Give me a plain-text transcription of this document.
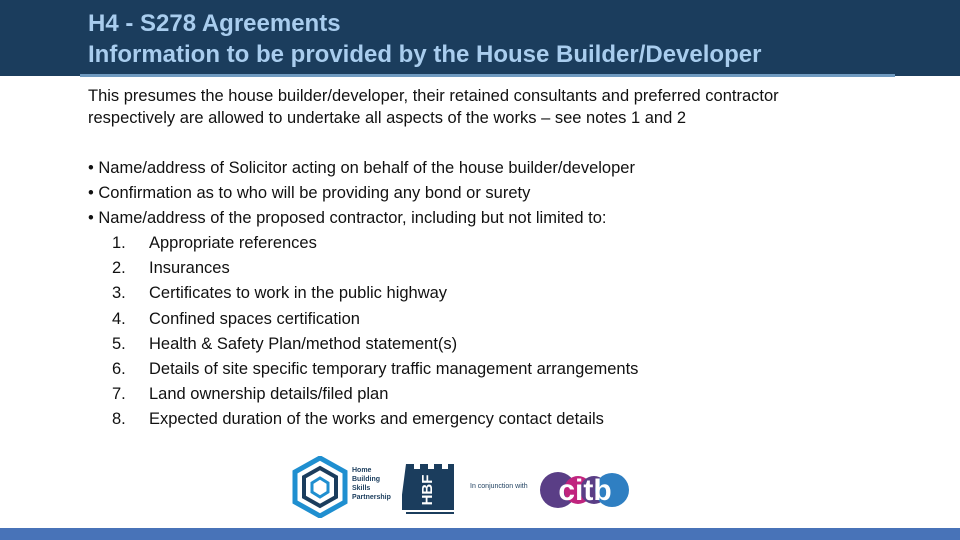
H4 - S278 Agreements
Information to be provided by the House Builder/Developer
This presumes the house builder/developer, their retained consultants and preferred contractor
respectively are allowed to undertake all aspects of the works – see notes 1 and 2
• Name/address of Solicitor acting on behalf of the house builder/developer
• Confirmation as to who will be providing any bond or surety
• Name/address of the proposed contractor, including but not limited to:
1.	Appropriate references
2.	Insurances
3.	Certificates to work in the public highway
4.	Confined spaces certification
5.	Health & Safety Plan/method statement(s)
6.	Details of site specific temporary traffic management arrangements
7.	Land ownership details/filed plan
8.	Expected duration of the works and emergency contact details
Home
Building
Skills
Partnership HBF	In conjunction with citb
